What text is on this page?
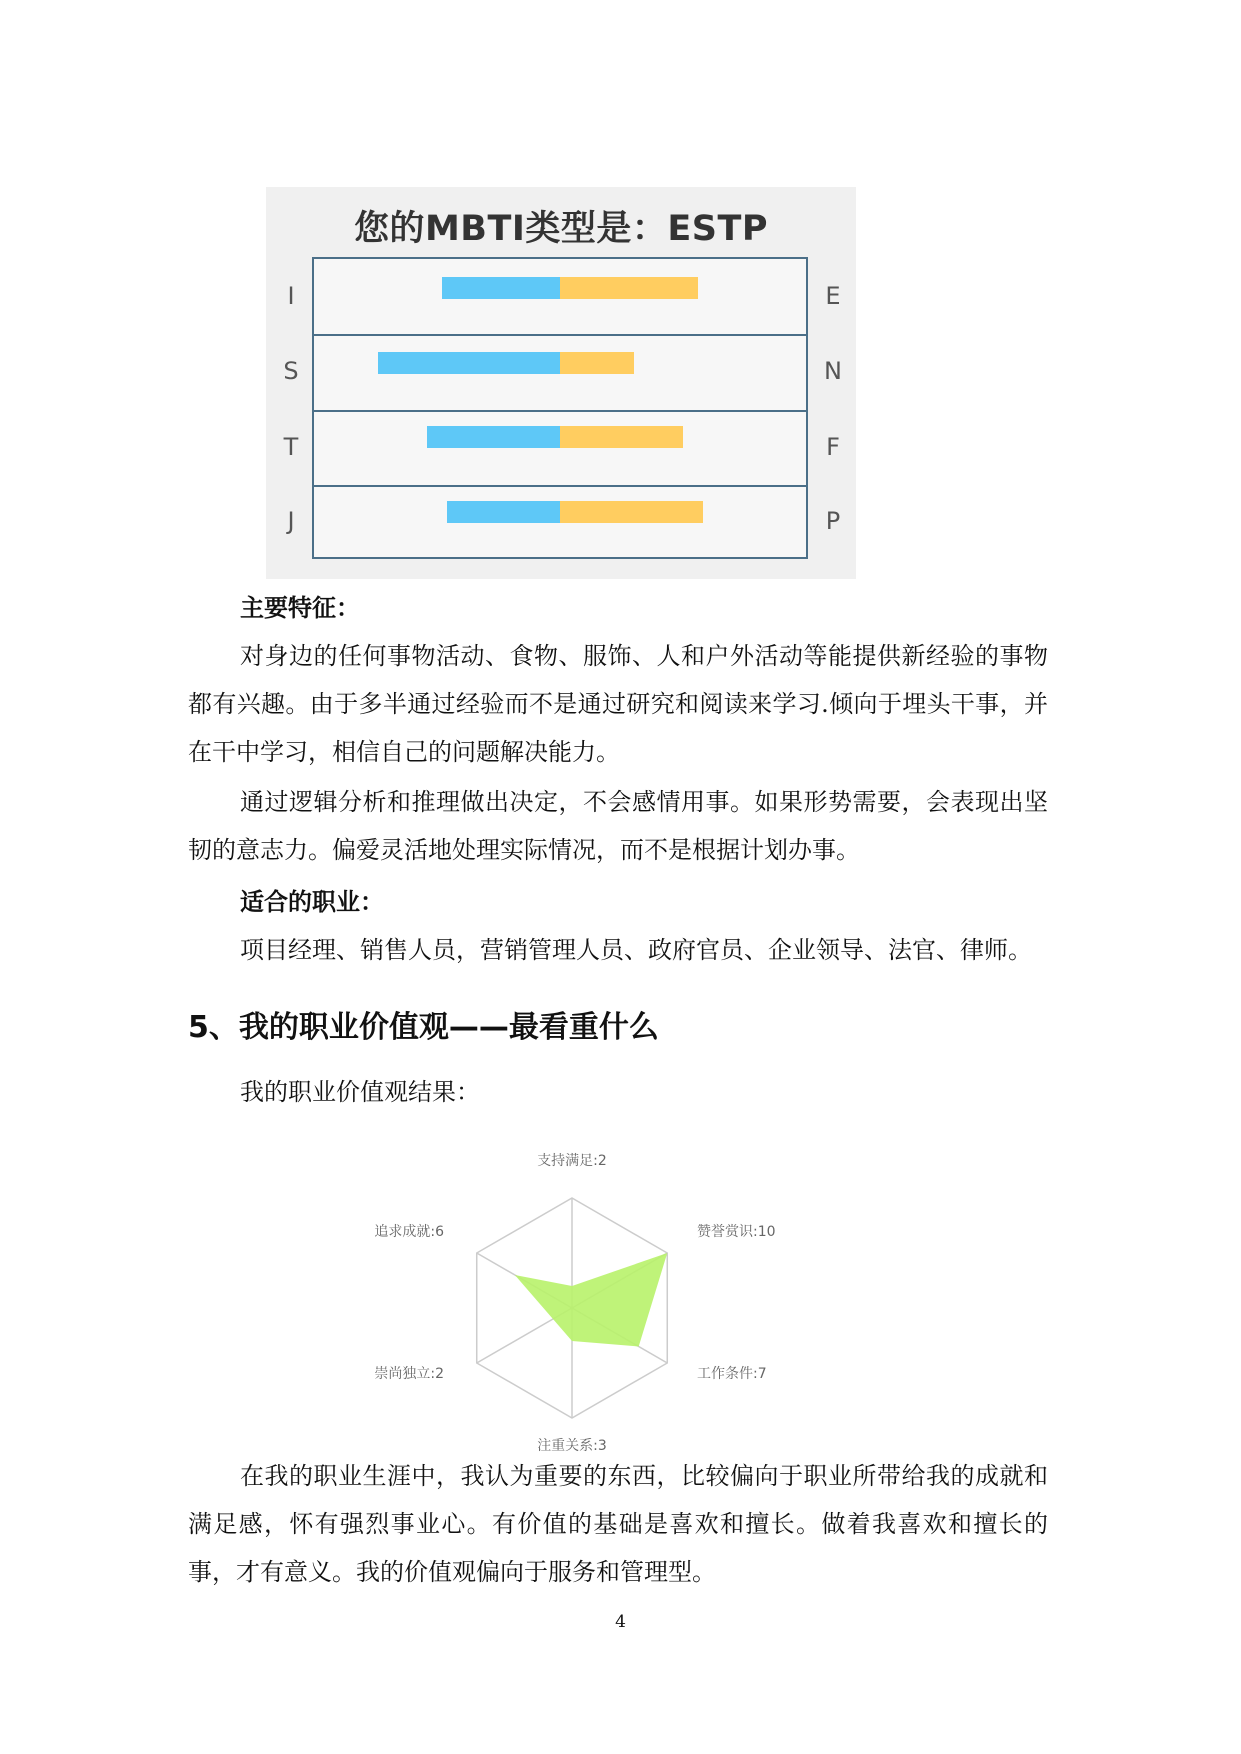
您的MBTI类型是：ESTP
I	E
S	N
T	F
J	P
主要特征：
对身边的任何事物活动、食物、服饰、人和户外活动等能提供新经验的事物都有兴趣。由于多半通过经验而不是通过研究和阅读来学习.倾向于埋头干事，并在干中学习，相信自己的问题解决能力。
通过逻辑分析和推理做出决定，不会感情用事。如果形势需要，会表现出坚韧的意志力。偏爱灵活地处理实际情况，而不是根据计划办事。
适合的职业：
项目经理、销售人员，营销管理人员、政府官员、企业领导、法官、律师。
5、我的职业价值观——最看重什么
我的职业价值观结果：
支持满足:2
赞誉赏识:10
工作条件:7
注重关系:3
崇尚独立:2
追求成就:6
在我的职业生涯中，我认为重要的东西，比较偏向于职业所带给我的成就和满足感，怀有强烈事业心。有价值的基础是喜欢和擅长。做着我喜欢和擅长的事，才有意义。我的价值观偏向于服务和管理型。
4
